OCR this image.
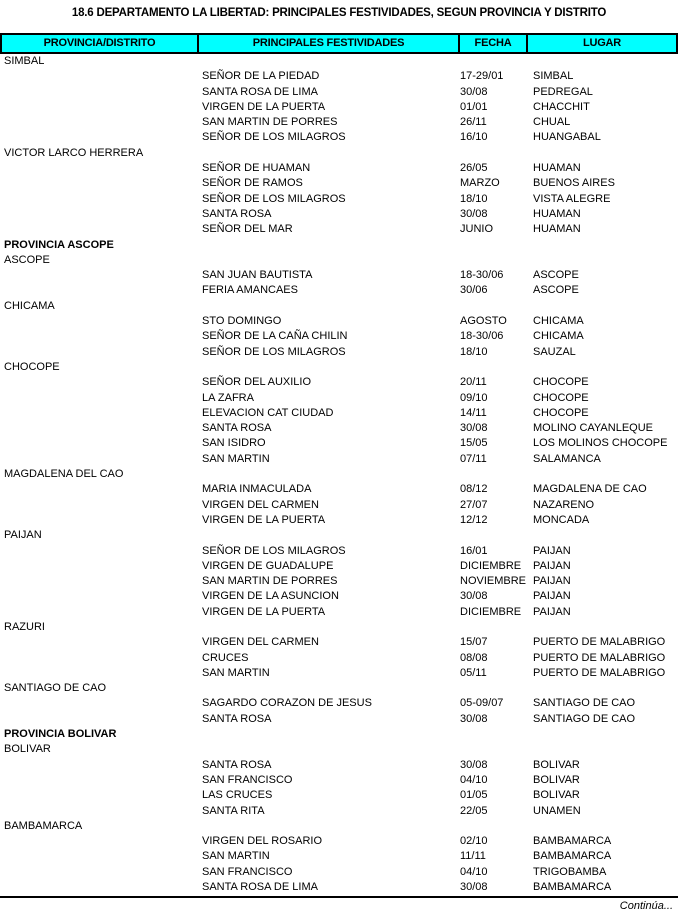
18.6 DEPARTAMENTO LA LIBERTAD: PRINCIPALES FESTIVIDADES, SEGUN PROVINCIA Y DISTRITO
PROVINCIA/DISTRITO	PRINCIPALES FESTIVIDADES	FECHA	LUGAR
SIMBAL
SEÑOR DE LA PIEDAD	17-29/01	SIMBAL
SANTA ROSA DE LIMA	30/08	PEDREGAL
VIRGEN DE LA PUERTA	01/01	CHACCHIT
SAN MARTIN DE PORRES	26/11	CHUAL
SEÑOR DE LOS MILAGROS	16/10	HUANGABAL
VICTOR LARCO HERRERA
SEÑOR DE HUAMAN	26/05	HUAMAN
SEÑOR DE RAMOS	MARZO	BUENOS AIRES
SEÑOR DE LOS MILAGROS	18/10	VISTA ALEGRE
SANTA ROSA	30/08	HUAMAN
SEÑOR DEL MAR	JUNIO	HUAMAN
PROVINCIA ASCOPE
ASCOPE
SAN JUAN BAUTISTA	18-30/06	ASCOPE
FERIA AMANCAES	30/06	ASCOPE
CHICAMA
STO DOMINGO	AGOSTO	CHICAMA
SEÑOR DE LA CAÑA CHILIN	18-30/06	CHICAMA
SEÑOR DE LOS MILAGROS	18/10	SAUZAL
CHOCOPE
SEÑOR DEL AUXILIO	20/11	CHOCOPE
LA ZAFRA	09/10	CHOCOPE
ELEVACION CAT CIUDAD	14/11	CHOCOPE
SANTA ROSA	30/08	MOLINO CAYANLEQUE
SAN ISIDRO	15/05	LOS MOLINOS CHOCOPE
SAN MARTIN	07/11	SALAMANCA
MAGDALENA DEL CAO
MARIA INMACULADA	08/12	MAGDALENA DE CAO
VIRGEN DEL CARMEN	27/07	NAZARENO
VIRGEN DE LA PUERTA	12/12	MONCADA
PAIJAN
SEÑOR DE LOS MILAGROS	16/01	PAIJAN
VIRGEN DE GUADALUPE	DICIEMBRE	PAIJAN
SAN MARTIN DE PORRES	NOVIEMBRE PAIJAN
VIRGEN DE LA ASUNCION	30/08	PAIJAN
VIRGEN DE LA PUERTA	DICIEMBRE	PAIJAN
RAZURI
VIRGEN DEL CARMEN	15/07	PUERTO DE MALABRIGO
CRUCES	08/08	PUERTO DE MALABRIGO
SAN MARTIN	05/11	PUERTO DE MALABRIGO
SANTIAGO DE CAO
SAGARDO CORAZON DE JESUS	05-09/07	SANTIAGO DE CAO
SANTA ROSA	30/08	SANTIAGO DE CAO
PROVINCIA BOLIVAR
BOLIVAR
SANTA ROSA	30/08	BOLIVAR
SAN FRANCISCO	04/10	BOLIVAR
LAS CRUCES	01/05	BOLIVAR
SANTA RITA	22/05	UNAMEN
BAMBAMARCA
VIRGEN DEL ROSARIO	02/10	BAMBAMARCA
SAN MARTIN	11/11	BAMBAMARCA
SAN FRANCISCO	04/10	TRIGOBAMBA
SANTA ROSA DE LIMA	30/08	BAMBAMARCA
Continúa...
